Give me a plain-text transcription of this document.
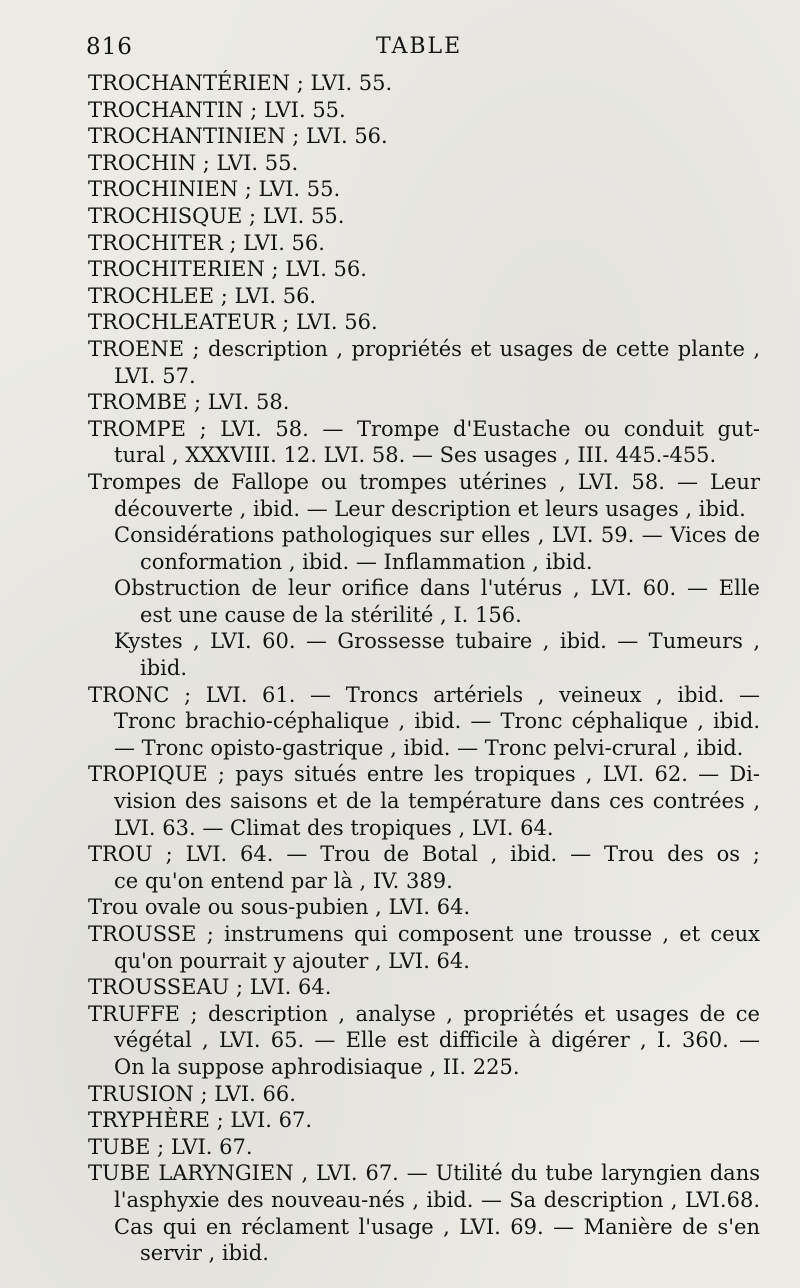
816	TABLE
TROCHANTÉRIEN ; LVI. 55.
TROCHANTIN ; LVI. 55.
TROCHANTINIEN ; LVI. 56.
TROCHIN ; LVI. 55.
TROCHINIEN ; LVI. 55.
TROCHISQUE ; LVI. 55.
TROCHITER ; LVI. 56.
TROCHITERIEN ; LVI. 56.
TROCHLEE ; LVI. 56.
TROCHLEATEUR ; LVI. 56.
TROENE ; description , propriétés et usages de cette plante ,
LVI. 57.
TROMBE ; LVI. 58.
TROMPE ; LVI. 58. — Trompe d'Eustache ou conduit gut-
tural , XXXVIII. 12. LVI. 58. — Ses usages , III. 445.-455.
Trompes de Fallope ou trompes utérines , LVI. 58. — Leur
découverte , ibid. — Leur description et leurs usages , ibid.
Considérations pathologiques sur elles , LVI. 59. — Vices de
conformation , ibid. — Inflammation , ibid.
Obstruction de leur orifice dans l'utérus , LVI. 60. — Elle
est une cause de la stérilité , I. 156.
Kystes , LVI. 60. — Grossesse tubaire , ibid. — Tumeurs ,
ibid.
TRONC ; LVI. 61. — Troncs artériels , veineux , ibid. —
Tronc brachio-céphalique , ibid. — Tronc céphalique , ibid.
— Tronc opisto-gastrique , ibid. — Tronc pelvi-crural , ibid.
TROPIQUE ; pays situés entre les tropiques , LVI. 62. — Di-
vision des saisons et de la température dans ces contrées ,
LVI. 63. — Climat des tropiques , LVI. 64.
TROU ; LVI. 64. — Trou de Botal , ibid. — Trou des os ;
ce qu'on entend par là , IV. 389.
Trou ovale ou sous-pubien , LVI. 64.
TROUSSE ; instrumens qui composent une trousse , et ceux
qu'on pourrait y ajouter , LVI. 64.
TROUSSEAU ; LVI. 64.
TRUFFE ; description , analyse , propriétés et usages de ce
végétal , LVI. 65. — Elle est difficile à digérer , I. 360. —
On la suppose aphrodisiaque , II. 225.
TRUSION ; LVI. 66.
TRYPHÈRE ; LVI. 67.
TUBE ; LVI. 67.
TUBE LARYNGIEN , LVI. 67. — Utilité du tube laryngien dans
l'asphyxie des nouveau-nés , ibid. — Sa description , LVI.68.
Cas qui en réclament l'usage , LVI. 69. — Manière de s'en
servir , ibid.
